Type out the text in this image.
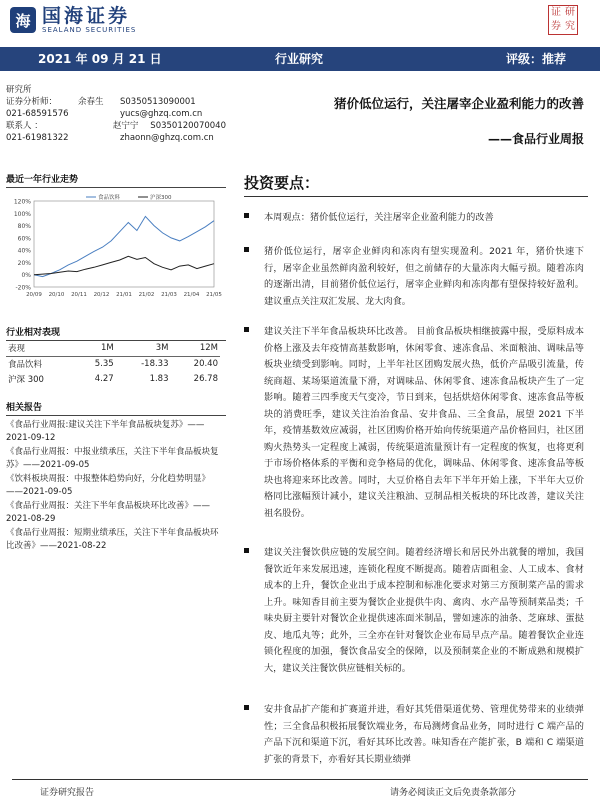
海 国海证券
SEALAND SECURITIES
证 研
券 究
2021 年 09 月 21 日	行业研究	评级：推荐
研究所
证券分析师：	余春生	S0350513090001
021-68591576	yucs@ghzq.com.cn
联系人 ：	赵宁宁	S0350120070040
021-61981322	zhaonn@ghzq.com.cn
最近一年行业走势
120%
100%
80%
60%
40%
20%
0%
-20%
20/09 20/10 20/11 20/12 21/01 21/02 21/03 21/04 21/05
食品饮料	沪深300
行业相对表现
表现	1M	3M	12M
食品饮料	5.35	-18.33	20.40
沪深 300	4.27	1.83	26.78
相关报告
《食品行业周报:建议关注下半年食品板块复苏》——2021-09-12
《食品行业周报：中报业绩承压，关注下半年食品板块复苏》——2021-09-05
《饮料板块周报：中报整体趋势向好，分化趋势明显》——2021-09-05
《食品行业周报：关注下半年食品板块环比改善》——2021-08-29
《食品行业周报：短期业绩承压，关注下半年食品板块环比改善》——2021-08-22
猪价低位运行，关注屠宰企业盈利能力的改善
——食品行业周报
投资要点：
本周观点：猪价低位运行，关注屠宰企业盈利能力的改善
猪价低位运行，屠宰企业鲜肉和冻肉有望实现盈利。2021 年，猪价快速下行，屠宰企业虽然鲜肉盈利较好，但之前储存的大量冻肉大幅亏损。随着冻肉的逐渐出清，目前猪价低位运行，屠宰企业鲜肉和冻肉都有望保持较好盈利。建议重点关注双汇发展、龙大肉食。
建议关注下半年食品板块环比改善。 目前食品板块相继披露中报，受原料成本价格上涨及去年疫情高基数影响，休闲零食、速冻食品、米面粮油、调味品等板块业绩受到影响。同时，上半年社区团购发展火热，低价产品吸引流量，传统商超、某场渠道流量下滑，对调味品、休闲零食、速冻食品板块产生了一定影响。随着三四季度天气变冷，节日到来，包括烘焙休闲零食、速冻食品等板块的消费旺季，建议关注治治食品、安井食品、三全食品，展望 2021 下半年，疫情基数效应减弱，社区团购价格开始向传统渠道产品价格回归，社区团购火热势头一定程度上减弱，传统渠道流量预计有一定程度的恢复，也将更利于市场价格体系的平衡和竞争格局的优化，调味品、休闲零食、速冻食品等板块也将迎来环比改善。同时，大豆价格自去年下半年开始上涨，下半年大豆价格同比涨幅预计减小，建议关注粮油、豆制品相关板块的环比改善，建议关注祖名股份。
建议关注餐饮供应链的发展空间。随着经济增长和居民外出就餐的增加，我国餐饮近年来发展迅速，连锁化程度不断提高。随着店面租金、人工成本、食材成本的上升，餐饮企业出于成本控制和标准化要求对第三方预制菜产品的需求上升。味知香目前主要为餐饮企业提供牛肉、禽肉、水产品等预制菜品类；千味央厨主要针对餐饮企业提供速冻面米制品，譬如速冻的油条、芝麻球、蛋挞皮、地瓜丸等；此外，三全亦在针对餐饮企业布局早点产品。随着餐饮企业连锁化程度的加强，餐饮食品安全的保障，以及预制菜企业的不断成熟和规模扩大，建议关注餐饮供应链相关标的。
安井食品扩产能和扩赛道并进，看好其凭借渠道优势、管理优势带来的业绩弹性；三全食品积极拓展餐饮端业务，布局测烤食品业务，同时进行 C 端产品的产品下沉和渠道下沉，看好其环比改善。味知香在产能扩张，B 端和 C 端渠道扩张的背景下，亦看好其长期业绩弹
证券研究报告	请务必阅读正文后免责条款部分
